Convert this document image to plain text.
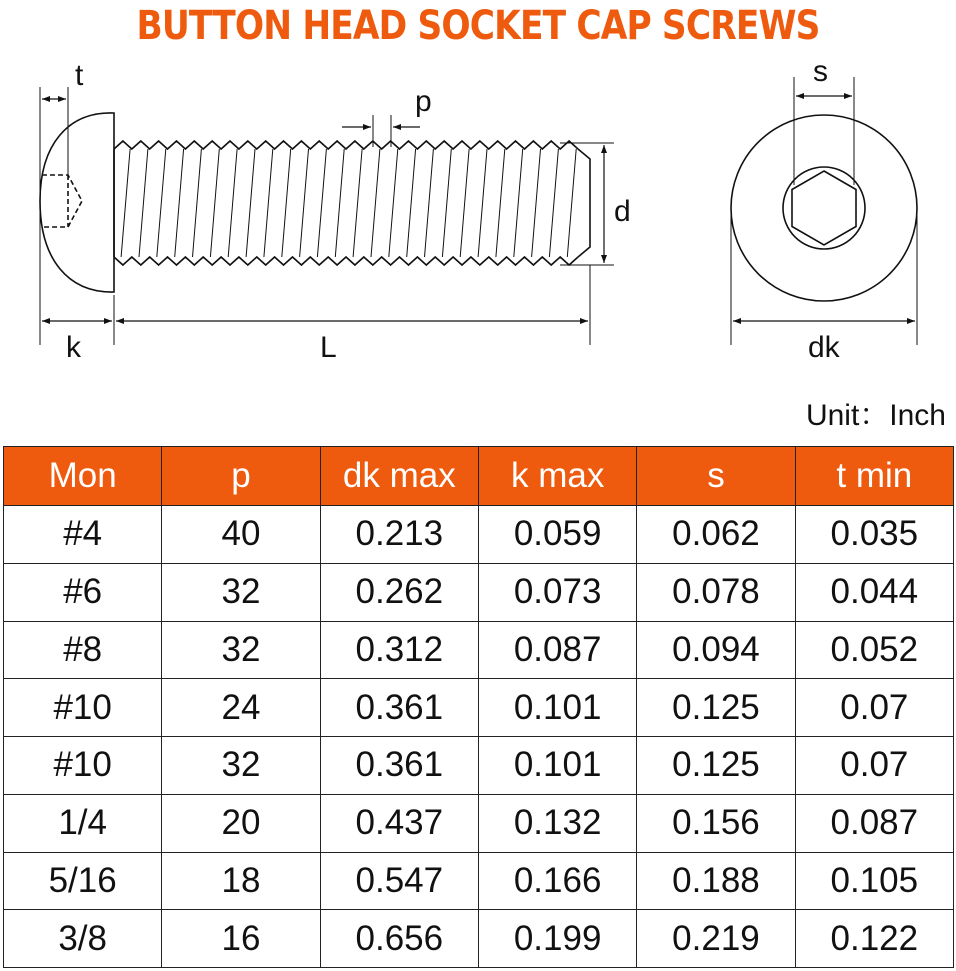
BUTTON HEAD SOCKET CAP SCREWS
t
p
d
k	L
s
dk
Unit：Inch
Mon	p	dk max	k max	s	t min
#4	40	0.213	0.059	0.062	0.035
#6	32	0.262	0.073	0.078	0.044
#8	32	0.312	0.087	0.094	0.052
#10	24	0.361	0.101	0.125	0.07
#10	32	0.361	0.101	0.125	0.07
1/4	20	0.437	0.132	0.156	0.087
5/16	18	0.547	0.166	0.188	0.105
3/8	16	0.656	0.199	0.219	0.122
